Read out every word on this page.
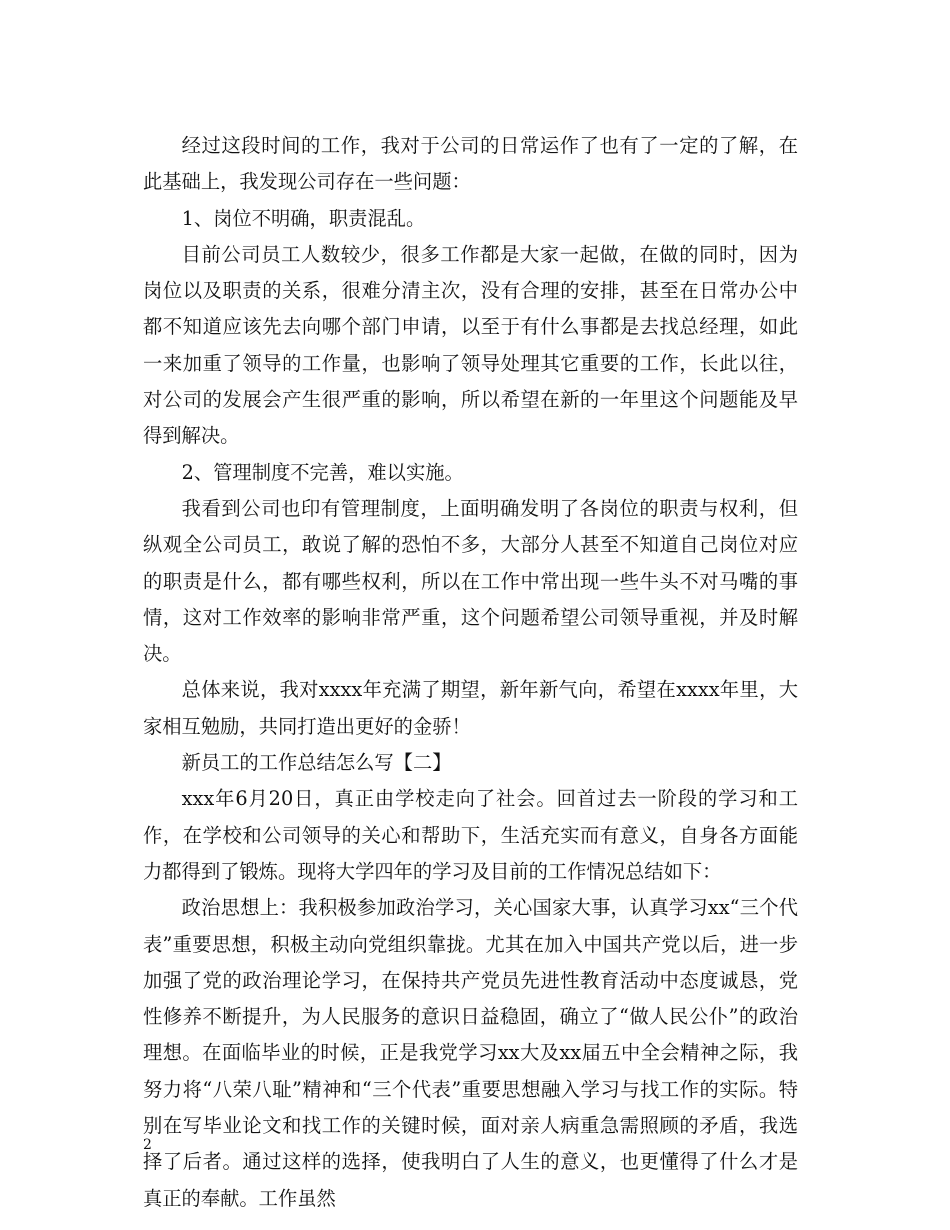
经过这段时间的工作，我对于公司的日常运作了也有了一定的了解，在此基础上，我发现公司存在一些问题：

1、岗位不明确，职责混乱。

目前公司员工人数较少，很多工作都是大家一起做，在做的同时，因为岗位以及职责的关系，很难分清主次，没有合理的安排，甚至在日常办公中都不知道应该先去向哪个部门申请，以至于有什么事都是去找总经理，如此一来加重了领导的工作量，也影响了领导处理其它重要的工作，长此以往，对公司的发展会产生很严重的影响，所以希望在新的一年里这个问题能及早得到解决。

2、管理制度不完善，难以实施。

我看到公司也印有管理制度，上面明确发明了各岗位的职责与权利，但纵观全公司员工，敢说了解的恐怕不多，大部分人甚至不知道自己岗位对应的职责是什么，都有哪些权利，所以在工作中常出现一些牛头不对马嘴的事情，这对工作效率的影响非常严重，这个问题希望公司领导重视，并及时解决。

总体来说，我对xxxx年充满了期望，新年新气向，希望在xxxx年里，大家相互勉励，共同打造出更好的金骄！

新员工的工作总结怎么写【二】

xxx年6月20日，真正由学校走向了社会。回首过去一阶段的学习和工作，在学校和公司领导的关心和帮助下，生活充实而有意义，自身各方面能力都得到了锻炼。现将大学四年的学习及目前的工作情况总结如下：

政治思想上：我积极参加政治学习，关心国家大事，认真学习xx“三个代表”重要思想，积极主动向党组织靠拢。尤其在加入中国共产党以后，进一步加强了党的政治理论学习，在保持共产党员先进性教育活动中态度诚恳，党性修养不断提升，为人民服务的意识日益稳固，确立了“做人民公仆”的政治理想。在面临毕业的时候，正是我党学习xx大及xx届五中全会精神之际，我努力将“八荣八耻”精神和“三个代表”重要思想融入学习与找工作的实际。特别在写毕业论文和找工作的关键时候，面对亲人病重急需照顾的矛盾，我选择了后者。通过这样的选择，使我明白了人生的意义，也更懂得了什么才是真正的奉献。工作虽然

2
